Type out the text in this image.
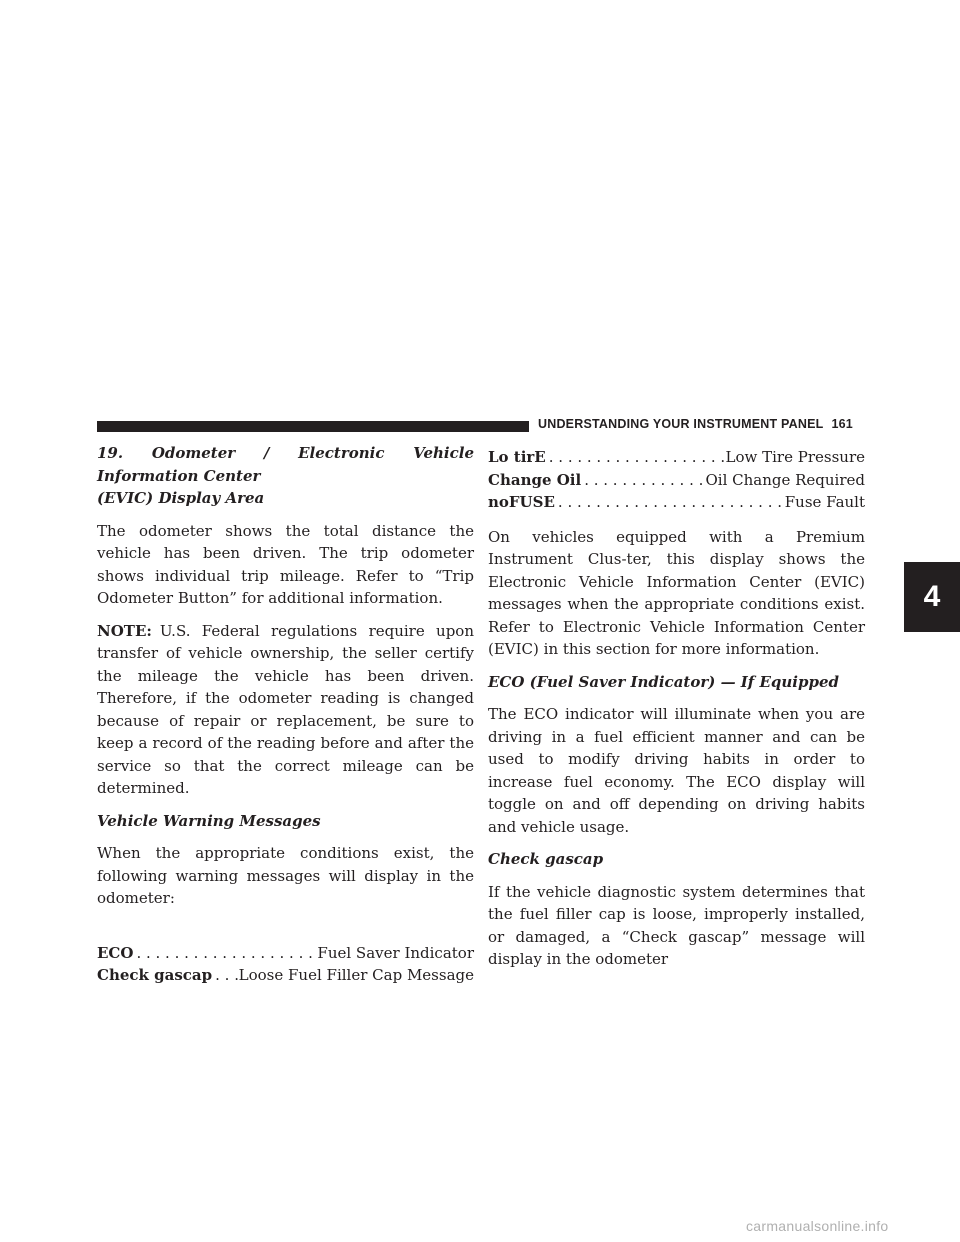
UNDERSTANDING YOUR INSTRUMENT PANEL 161

19. Odometer / Electronic Vehicle Information Center
(EVIC) Display Area

The odometer shows the total distance the vehicle has been driven. The trip odometer shows individual trip mileage. Refer to “Trip Odometer Button” for additional information.

NOTE: U.S. Federal regulations require upon transfer of vehicle ownership, the seller certify the mileage the vehicle has been driven. Therefore, if the odometer reading is changed because of repair or replacement, be sure to keep a record of the reading before and after the service so that the correct mileage can be determined.

Vehicle Warning Messages

When the appropriate conditions exist, the following warning messages will display in the odometer:

ECO . . .	Fuel Saver Indicator
Check gascap . . . Loose Fuel Filler Cap Message
Lo tirE . . .	Low Tire Pressure
Change Oil . . .	Oil Change Required
noFUSE . . .	Fuse Fault

On vehicles equipped with a Premium Instrument Clus-ter, this display shows the Electronic Vehicle Information Center (EVIC) messages when the appropriate conditions exist. Refer to Electronic Vehicle Information Center (EVIC) in this section for more information.

ECO (Fuel Saver Indicator) — If Equipped

The ECO indicator will illuminate when you are driving in a fuel efficient manner and can be used to modify driving habits in order to increase fuel economy. The ECO display will toggle on and off depending on driving habits and vehicle usage.

Check gascap

If the vehicle diagnostic system determines that the fuel filler cap is loose, improperly installed, or damaged, a “Check gascap” message will display in the odometer

4
carmanualsonline.info
